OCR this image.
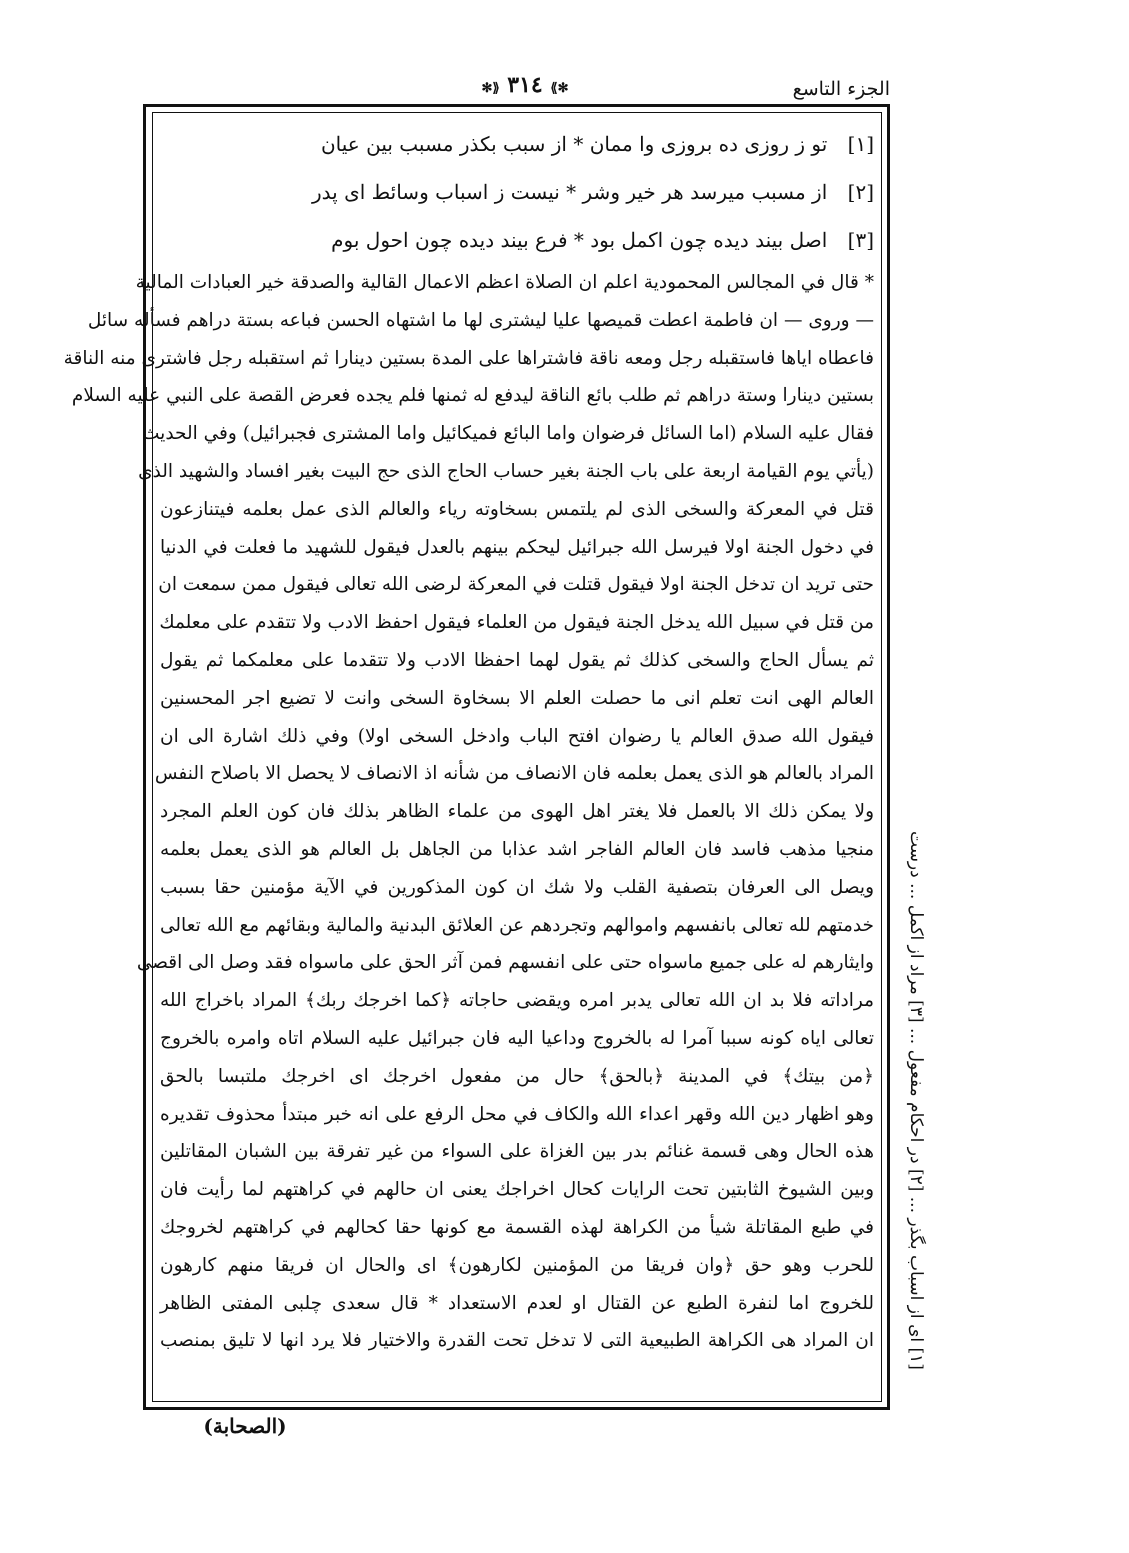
✻⟫ ٣١٤ ⟪✻	الجزء التاسع
[١] اى ا‌ز اسباب بگذر ... [٢] در احكام مفعول ... [٣] مراد از اكمل ... درست
[١] تو ز روزی ده بروزی وا ممان * از سبب بكذر مسبب بين عيان
[٢] از مسبب ميرسد هر خير وشر * نيست ز اسباب وسائط ای پدر
[٣] اصل بيند ديده چون اكمل بود * فرع بيند ديده چون احول بوم
* قال في المجالس المحمودية اعلم ان الصلاة اعظم الاعمال القالية والصدقة خير العبادات المالية
— وروى — ان فاطمة اعطت قميصها عليا ليشترى لها ما اشتهاه الحسن فباعه بستة دراهم فسأله سائل
فاعطاه اياها فاستقبله رجل ومعه ناقة فاشتراها على المدة بستين دينارا ثم استقبله رجل فاشترى منه الناقة
بستين دينارا وستة دراهم ثم طلب بائع الناقة ليدفع له ثمنها فلم يجده فعرض القصة على النبي عليه السلام
فقال عليه السلام (اما السائل فرضوان واما البائع فميكائيل واما المشترى فجبرائيل) وفي الحديث
(يأتي يوم القيامة اربعة على باب الجنة بغير حساب الحاج الذى حج البيت بغير افساد والشهيد الذى
قتل في المعركة والسخى الذى لم يلتمس بسخاوته رياء والعالم الذى عمل بعلمه فيتنازعون
في دخول الجنة اولا فيرسل الله جبرائيل ليحكم بينهم بالعدل فيقول للشهيد ما فعلت في الدنيا
حتى تريد ان تدخل الجنة اولا فيقول قتلت في المعركة لرضى الله تعالى فيقول ممن سمعت ان
من قتل في سبيل الله يدخل الجنة فيقول من العلماء فيقول احفظ الادب ولا تتقدم على معلمك
ثم يسأل الحاج والسخى كذلك ثم يقول لهما احفظا الادب ولا تتقدما على معلمكما ثم يقول
العالم الهى انت تعلم انى ما حصلت العلم الا بسخاوة السخى وانت لا تضيع اجر المحسنين
فيقول الله صدق العالم يا رضوان افتح الباب وادخل السخى اولا) وفي ذلك اشارة الى ان
المراد بالعالم هو الذى يعمل بعلمه فان الانصاف من شأنه اذ الانصاف لا يحصل الا باصلاح النفس
ولا يمكن ذلك الا بالعمل فلا يغتر اهل الهوى من علماء الظاهر بذلك فان كون العلم المجرد
منجيا مذهب فاسد فان العالم الفاجر اشد عذابا من الجاهل بل العالم هو الذى يعمل بعلمه
ويصل الى العرفان بتصفية القلب ولا شك ان كون المذكورين في الآية مؤمنين حقا بسبب
خدمتهم لله تعالى بانفسهم واموالهم وتجردهم عن العلائق البدنية والمالية وبقائهم مع الله تعالى
وايثارهم له على جميع ماسواه حتى على انفسهم فمن آثر الحق على ماسواه فقد وصل الى اقصى
مراداته فلا بد ان الله تعالى يدبر امره ويقضى حاجاته ﴿كما اخرجك ربك﴾ المراد باخراج الله
تعالى اياه كونه سببا آمرا له بالخروج وداعيا اليه فان جبرائيل عليه السلام اتاه وامره بالخروج
﴿من بيتك﴾ في المدينة ﴿بالحق﴾ حال من مفعول اخرجك اى اخرجك ملتبسا بالحق
وهو اظهار دين الله وقهر اعداء الله والكاف في محل الرفع على انه خبر مبتدأ محذوف تقديره
هذه الحال وهى قسمة غنائم بدر بين الغزاة على السواء من غير تفرقة بين الشبان المقاتلين
وبين الشيوخ الثابتين تحت الرايات كحال اخراجك يعنى ان حالهم في كراهتهم لما رأيت فان
في طبع المقاتلة شيأ من الكراهة لهذه القسمة مع كونها حقا كحالهم في كراهتهم لخروجك
للحرب وهو حق ﴿وان فريقا من المؤمنين لكارهون﴾ اى والحال ان فريقا منهم كارهون
للخروج اما لنفرة الطبع عن القتال او لعدم الاستعداد * قال سعدى چلبى المفتى الظاهر
ان المراد هى الكراهة الطبيعية التى لا تدخل تحت القدرة والاختيار فلا يرد انها لا تليق بمنصب
(الصحابة)
